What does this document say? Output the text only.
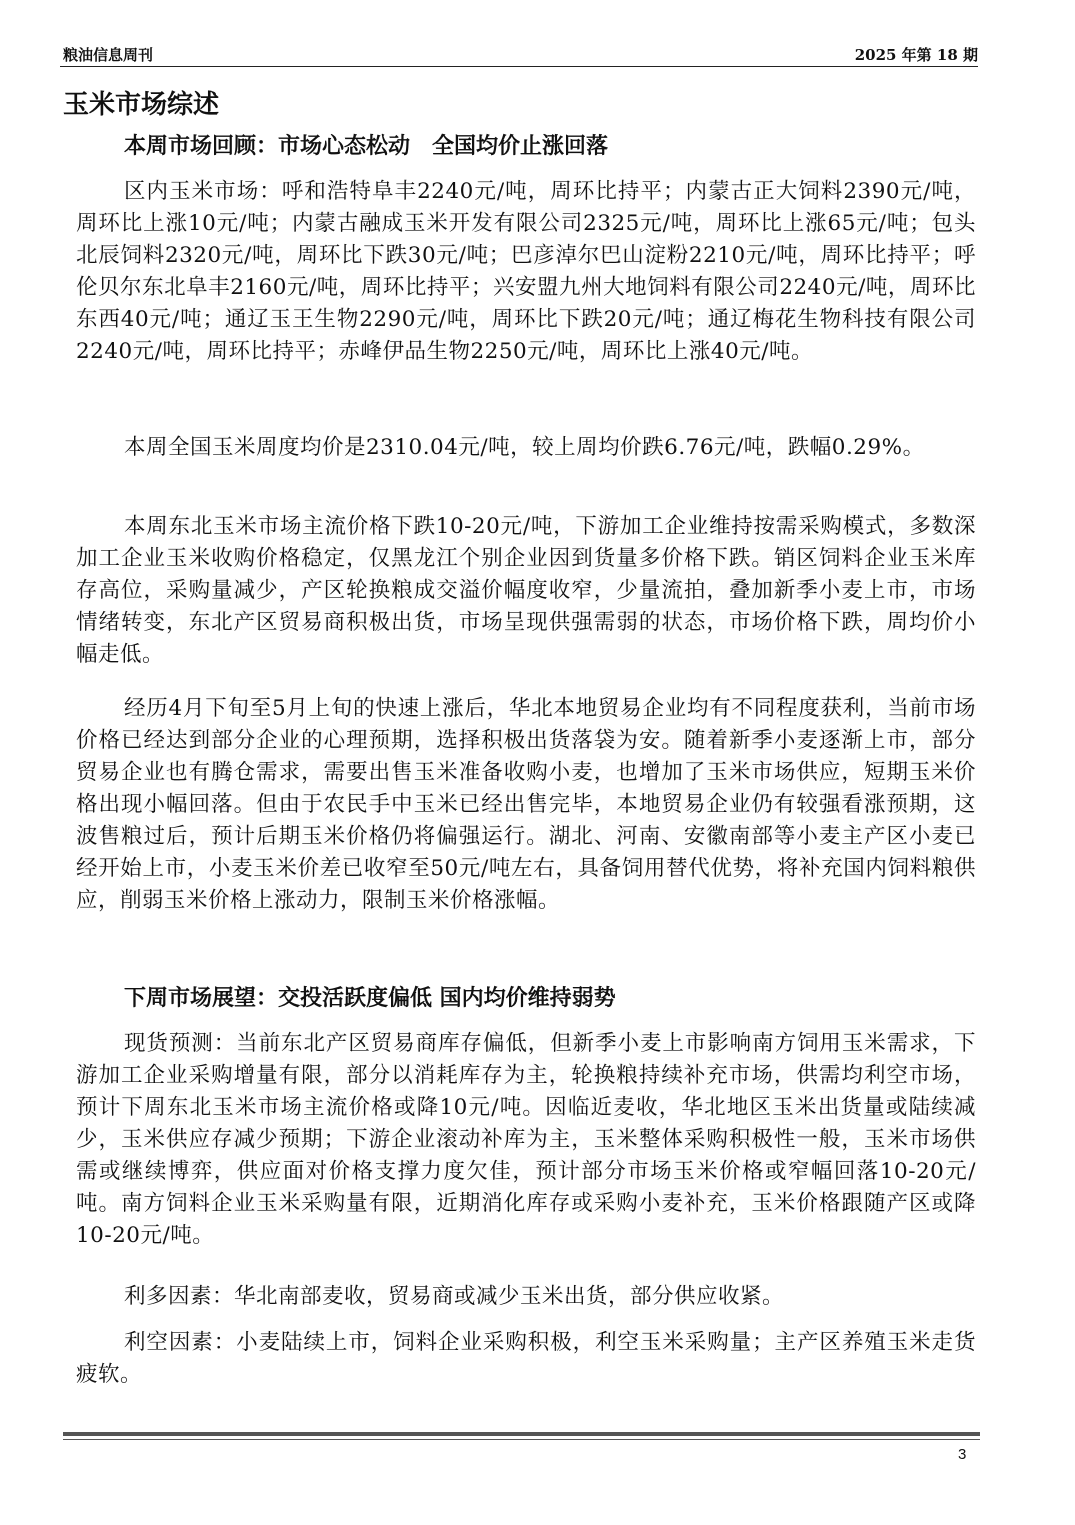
粮油信息周刊	2025 年第 18 期
玉米市场综述
本周市场回顾：市场心态松动　全国均价止涨回落

区内玉米市场：呼和浩特阜丰2240元/吨，周环比持平；内蒙古正大饲料2390元/吨，周环比上涨10元/吨；内蒙古融成玉米开发有限公司2325元/吨，周环比上涨65元/吨；包头北辰饲料2320元/吨，周环比下跌30元/吨；巴彦淖尔巴山淀粉2210元/吨，周环比持平；呼伦贝尔东北阜丰2160元/吨，周环比持平；兴安盟九州大地饲料有限公司2240元/吨，周环比东西40元/吨；通辽玉王生物2290元/吨，周环比下跌20元/吨；通辽梅花生物科技有限公司2240元/吨，周环比持平；赤峰伊品生物2250元/吨，周环比上涨40元/吨。

本周全国玉米周度均价是2310.04元/吨，较上周均价跌6.76元/吨，跌幅0.29%。

本周东北玉米市场主流价格下跌10-20元/吨，下游加工企业维持按需采购模式，多数深加工企业玉米收购价格稳定，仅黑龙江个别企业因到货量多价格下跌。销区饲料企业玉米库存高位，采购量减少，产区轮换粮成交溢价幅度收窄，少量流拍，叠加新季小麦上市，市场情绪转变，东北产区贸易商积极出货，市场呈现供强需弱的状态，市场价格下跌，周均价小幅走低。

经历4月下旬至5月上旬的快速上涨后，华北本地贸易企业均有不同程度获利，当前市场价格已经达到部分企业的心理预期，选择积极出货落袋为安。随着新季小麦逐渐上市，部分贸易企业也有腾仓需求，需要出售玉米准备收购小麦，也增加了玉米市场供应，短期玉米价格出现小幅回落。但由于农民手中玉米已经出售完毕，本地贸易企业仍有较强看涨预期，这波售粮过后，预计后期玉米价格仍将偏强运行。湖北、河南、安徽南部等小麦主产区小麦已经开始上市，小麦玉米价差已收窄至50元/吨左右，具备饲用替代优势，将补充国内饲料粮供应，削弱玉米价格上涨动力，限制玉米价格涨幅。

下周市场展望：交投活跃度偏低 国内均价维持弱势

现货预测：当前东北产区贸易商库存偏低，但新季小麦上市影响南方饲用玉米需求，下游加工企业采购增量有限，部分以消耗库存为主，轮换粮持续补充市场，供需均利空市场，预计下周东北玉米市场主流价格或降10元/吨。因临近麦收，华北地区玉米出货量或陆续减少，玉米供应存减少预期；下游企业滚动补库为主，玉米整体采购积极性一般，玉米市场供需或继续博弈，供应面对价格支撑力度欠佳，预计部分市场玉米价格或窄幅回落10-20元/吨。南方饲料企业玉米采购量有限，近期消化库存或采购小麦补充，玉米价格跟随产区或降10-20元/吨。

利多因素：华北南部麦收，贸易商或减少玉米出货，部分供应收紧。

利空因素：小麦陆续上市，饲料企业采购积极，利空玉米采购量；主产区养殖玉米走货疲软。

3
